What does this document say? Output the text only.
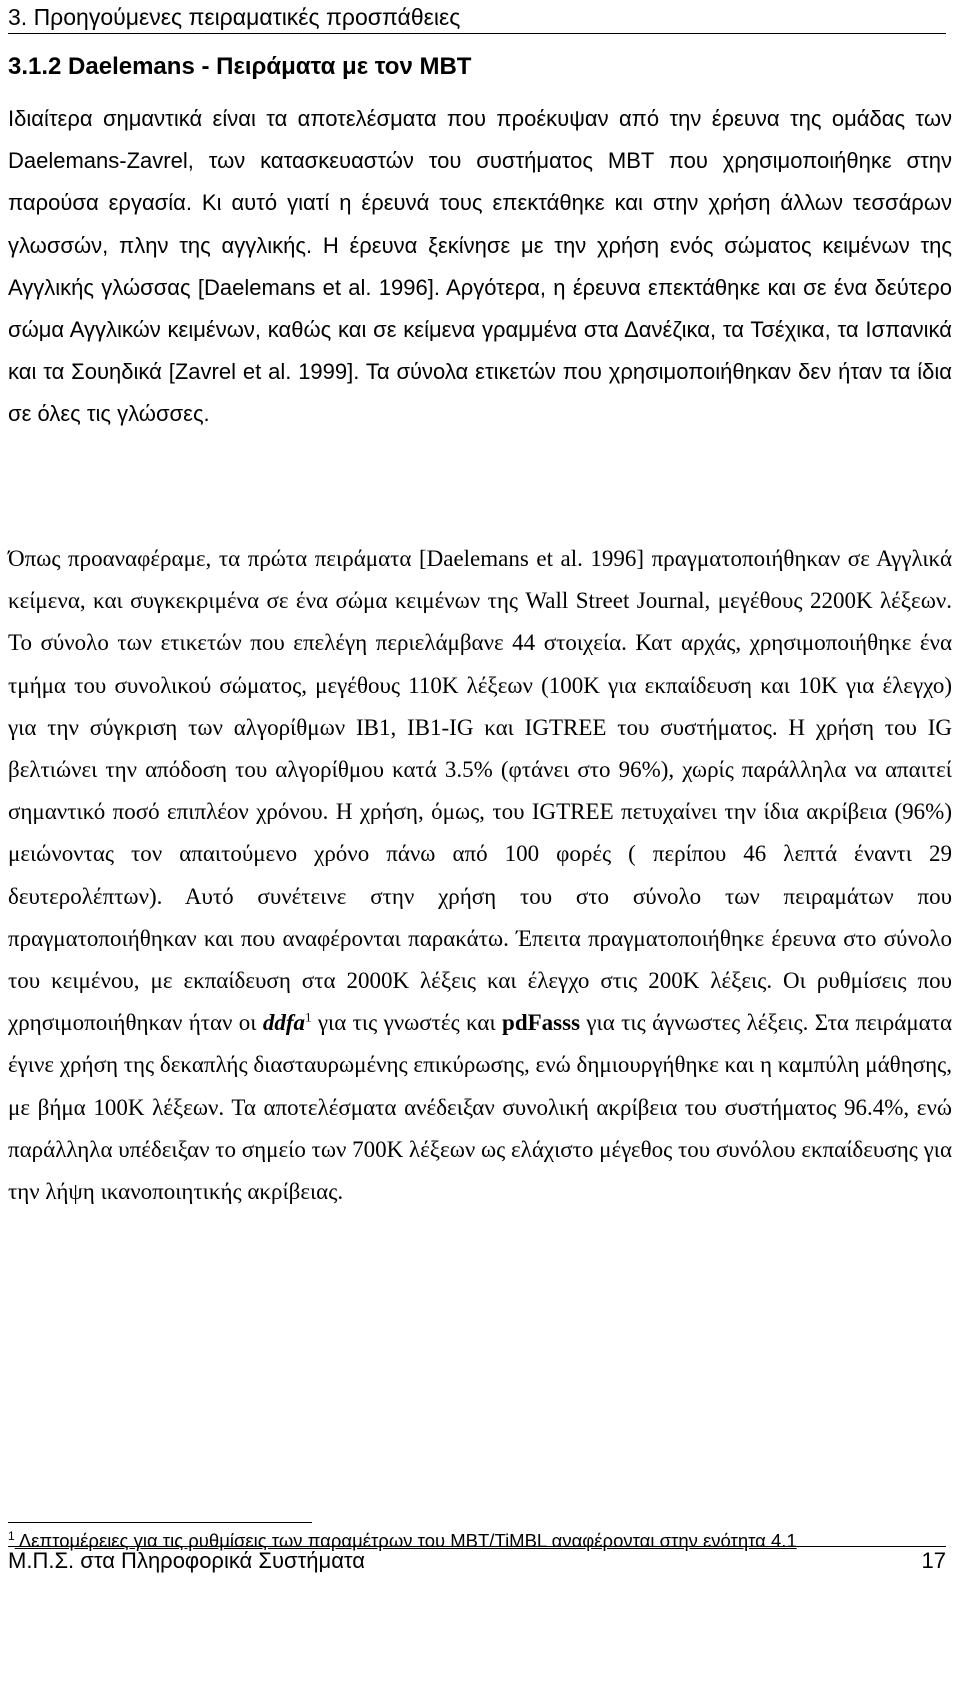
3. Προηγούμενες πειραματικές προσπάθειες
3.1.2 Daelemans - Πειράματα με τον MBT

Ιδιαίτερα σημαντικά είναι τα αποτελέσματα που προέκυψαν από την έρευνα της ομάδας των Daelemans-Zavrel, των κατασκευαστών του συστήματος MBT που χρησιμοποιήθηκε στην παρούσα εργασία. Κι αυτό γιατί η έρευνά τους επεκτάθηκε και στην χρήση άλλων τεσσάρων γλωσσών, πλην της αγγλικής. Η έρευνα ξεκίνησε με την χρήση ενός σώματος κειμένων της Αγγλικής γλώσσας [Daelemans et al. 1996]. Αργότερα, η έρευνα επεκτάθηκε και σε ένα δεύτερο σώμα Αγγλικών κειμένων, καθώς και σε κείμενα γραμμένα στα Δανέζικα, τα Τσέχικα, τα Ισπανικά και τα Σουηδικά [Zavrel et al. 1999]. Τα σύνολα ετικετών που χρησιμοποιήθηκαν δεν ήταν τα ίδια σε όλες τις γλώσσες.

Όπως προαναφέραμε, τα πρώτα πειράματα [Daelemans et al. 1996] πραγματοποιήθηκαν σε Αγγλικά κείμενα, και συγκεκριμένα σε ένα σώμα κειμένων της Wall Street Journal, μεγέθους 2200K λέξεων. Το σύνολο των ετικετών που επελέγη περιελάμβανε 44 στοιχεία. Κατ αρχάς, χρησιμοποιήθηκε ένα τμήμα του συνολικού σώματος, μεγέθους 110K λέξεων (100K για εκπαίδευση και 10K για έλεγχο) για την σύγκριση των αλγορίθμων IB1, IB1-IG και IGTREE του συστήματος. Η χρήση του IG βελτιώνει την απόδοση του αλγορίθμου κατά 3.5% (φτάνει στο 96%), χωρίς παράλληλα να απαιτεί σημαντικό ποσό επιπλέον χρόνου. Η χρήση, όμως, του IGTREE πετυχαίνει την ίδια ακρίβεια (96%) μειώνοντας τον απαιτούμενο χρόνο πάνω από 100 φορές ( περίπου 46 λεπτά έναντι 29 δευτερολέπτων). Αυτό συνέτεινε στην χρήση του στο σύνολο των πειραμάτων που πραγματοποιήθηκαν και που αναφέρονται παρακάτω. Έπειτα πραγματοποιήθηκε έρευνα στο σύνολο του κειμένου, με εκπαίδευση στα 2000K λέξεις και έλεγχο στις 200K λέξεις. Οι ρυθμίσεις που χρησιμοποιήθηκαν ήταν οι ddfa$^1$ για τις γνωστές και pdFasss για τις άγνωστες λέξεις. Στα πειράματα έγινε χρήση της δεκαπλής διασταυρωμένης επικύρωσης, ενώ δημιουργήθηκε και η καμπύλη μάθησης, με βήμα 100K λέξεων. Τα αποτελέσματα ανέδειξαν συνολική ακρίβεια του συστήματος 96.4%, ενώ παράλληλα υπέδειξαν το σημείο των 700K λέξεων ως ελάχιστο μέγεθος του συνόλου εκπαίδευσης για την λήψη ικανοποιητικής ακρίβειας.

$^1$ Λεπτομέρειες για τις ρυθμίσεις των παραμέτρων του MBT/TiMBL αναφέρονται στην ενότητα 4.1
Μ.Π.Σ. στα Πληροφορικά Συστήματα	17
